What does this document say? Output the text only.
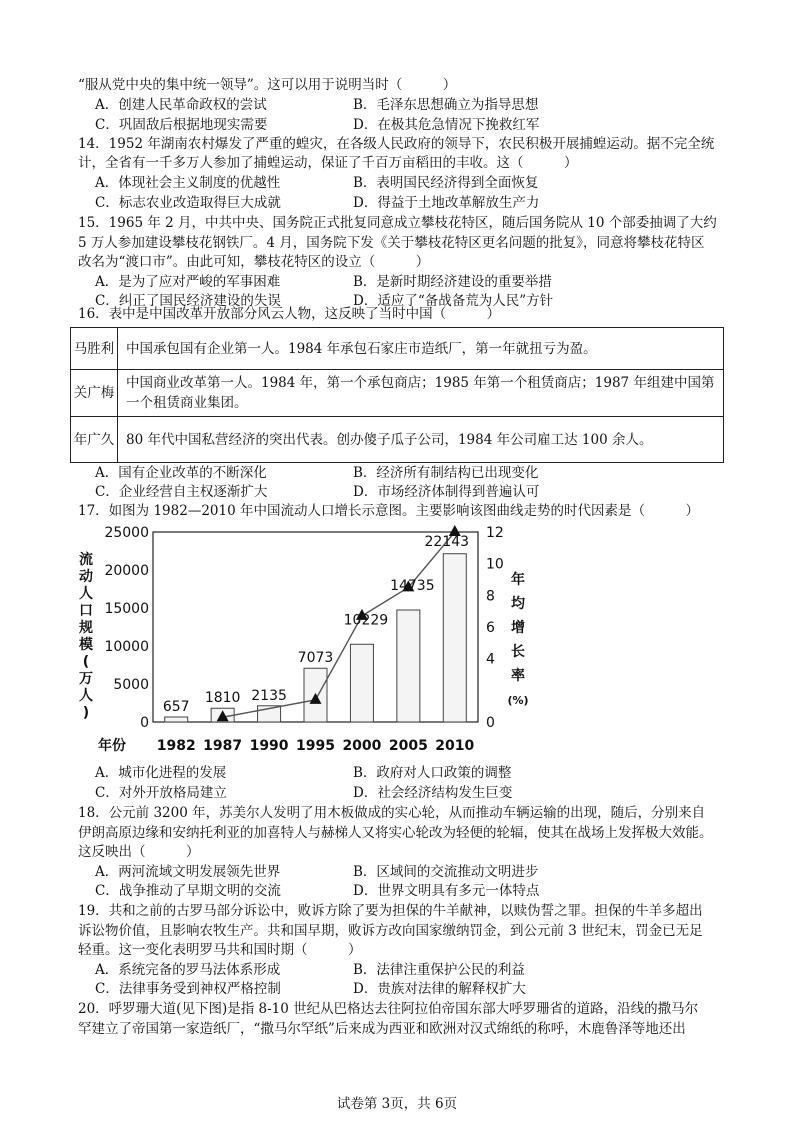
“服从党中央的集中统一领导”。这可以用于说明当时（　　　）
A．创建人民革命政权的尝试	B．毛泽东思想确立为指导思想
C．巩固敌后根据地现实需要	D．在极其危急情况下挽救红军
14．1952 年湖南农村爆发了严重的蝗灾，在各级人民政府的领导下，农民积极开展捕蝗运动。据不完全统
计，全省有一千多万人参加了捕蝗运动，保证了千百万亩稻田的丰收。这（　　　）
A．体现社会主义制度的优越性	B．表明国民经济得到全面恢复
C．标志农业改造取得巨大成就	D．得益于土地改革解放生产力
15．1965 年 2 月，中共中央、国务院正式批复同意成立攀枝花特区，随后国务院从 10 个部委抽调了大约
5 万人参加建设攀枝花钢铁厂。4 月，国务院下发《关于攀枝花特区更名问题的批复》，同意将攀枝花特区
改名为“渡口市”。由此可知，攀枝花特区的设立（　　　）
A．是为了应对严峻的军事困难	B．是新时期经济建设的重要举措
C．纠正了国民经济建设的失误	D．适应了“备战备荒为人民”方针
16．表中是中国改革开放部分风云人物，这反映了当时中国（　　　）
马胜利	中国承包国有企业第一人。1984 年承包石家庄市造纸厂，第一年就扭亏为盈。
关广梅	中国商业改革第一人。1984 年，第一个承包商店；1985 年第一个租赁商店；1987 年组建中国第一个租赁商业集团。
年广久	80 年代中国私营经济的突出代表。创办傻子瓜子公司，1984 年公司雇工达 100 余人。
A．国有企业改革的不断深化	B．经济所有制结构已出现变化
C．企业经营自主权逐渐扩大	D．市场经济体制得到普遍认可
17．如图为 1982—2010 年中国流动人口增长示意图。主要影响该图曲线走势的时代因素是（　　　）
0
5000
10000
15000
20000
25000
0
4
6
8
10
12
流
动
人
口
规
模
(
万
人
)
年
均
增
长
率
(%)
1982 1987 1990 1995 2000 2005 2010
年份
657
1810 2135
7073
10229
14735
22143
A．城市化进程的发展	B．政府对人口政策的调整
C．对外开放格局建立	D．社会经济结构发生巨变
18．公元前 3200 年，苏美尔人发明了用木板做成的实心轮，从而推动车辆运输的出现，随后，分别来自
伊朗高原边缘和安纳托利亚的加喜特人与赫梯人又将实心轮改为轻便的轮辐，使其在战场上发挥极大效能。
这反映出（　　　）
A．两河流域文明发展领先世界	B．区域间的交流推动文明进步
C．战争推动了早期文明的交流	D．世界文明具有多元一体特点
19．共和之前的古罗马部分诉讼中，败诉方除了要为担保的牛羊献神，以赎伪誓之罪。担保的牛羊多超出
诉讼物价值，且影响农牧生产。共和国早期，败诉方改向国家缴纳罚金，到公元前 3 世纪末，罚金已无足
轻重。这一变化表明罗马共和国时期（　　　）
A．系统完备的罗马法体系形成	B．法律注重保护公民的利益
C．法律事务受到神权严格控制	D．贵族对法律的解释权扩大
20．呼罗珊大道(见下图)是指 8-10 世纪从巴格达去往阿拉伯帝国东部大呼罗珊省的道路，沿线的撒马尔
罕建立了帝国第一家造纸厂，“撒马尔罕纸”后来成为西亚和欧洲对汉式绵纸的称呼，木鹿鲁泽等地还出
试卷第 3页，共 6页
